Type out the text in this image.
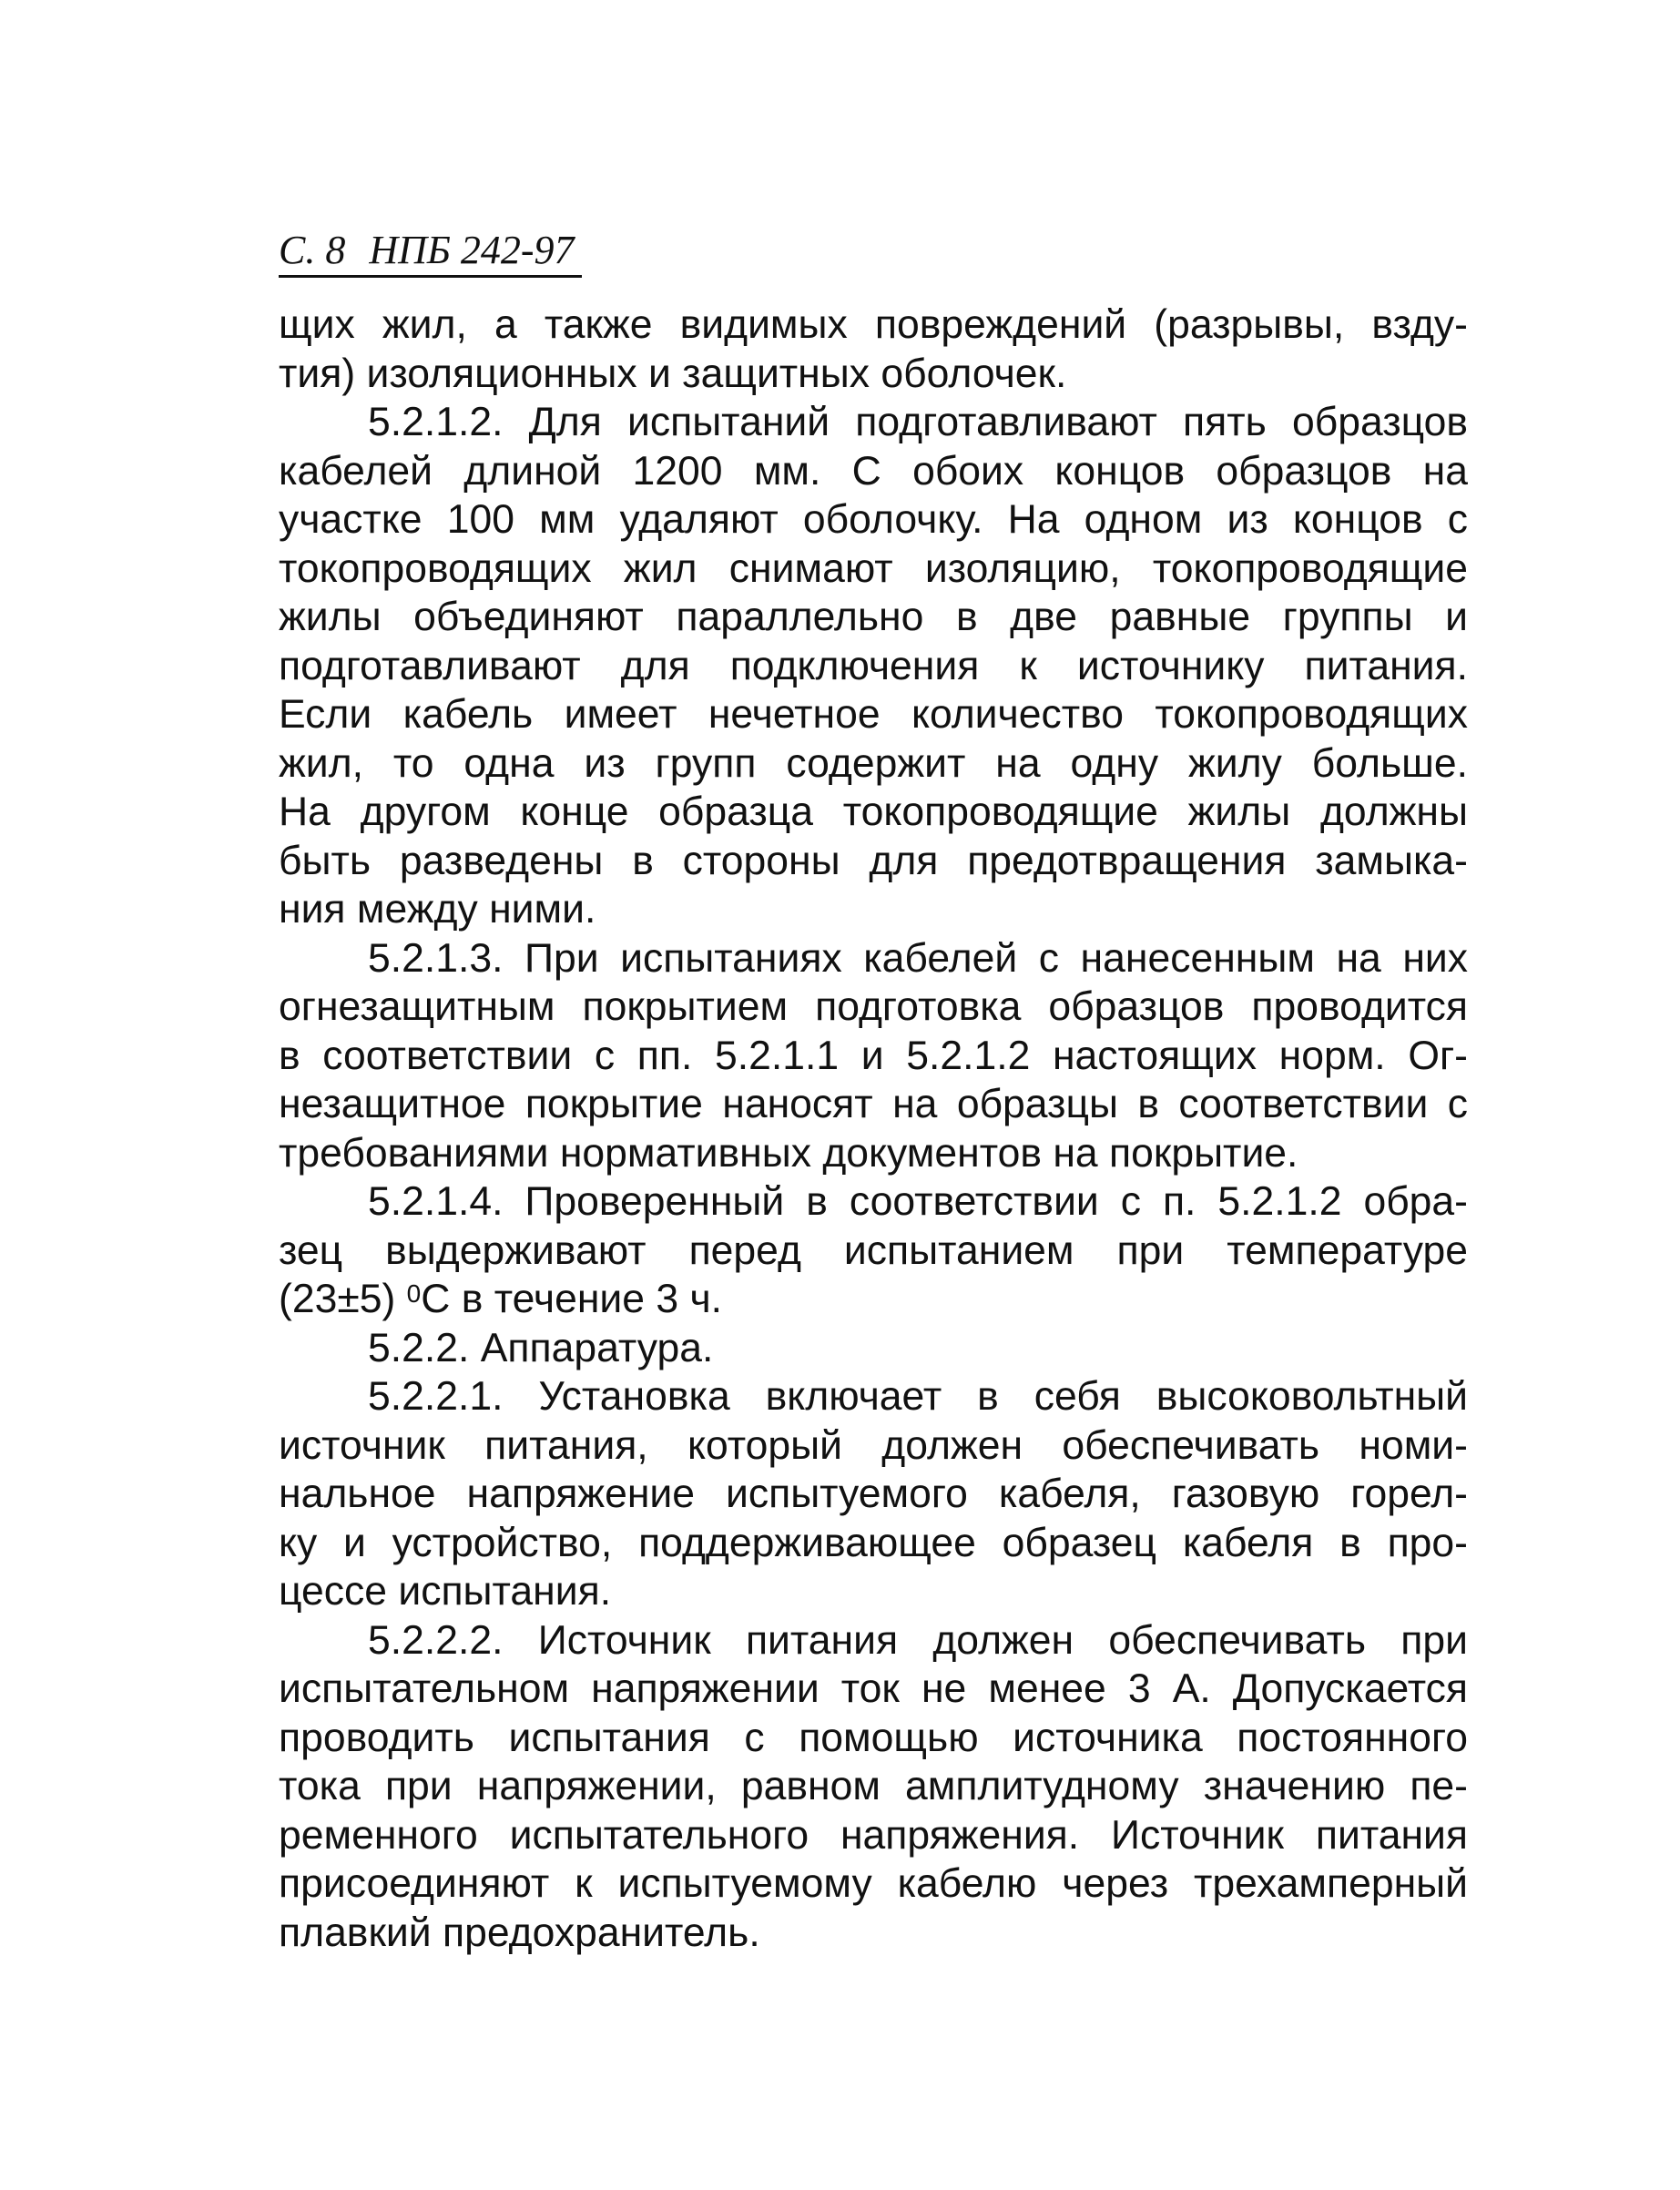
С. 8 НПБ 242-97
щих жил, а также видимых повреждений (разрывы, взду-
тия) изоляционных и защитных оболочек.
5.2.1.2. Для испытаний подготавливают пять образцов
кабелей длиной 1200 мм. С обоих концов образцов на
участке 100 мм удаляют оболочку. На одном из концов с
токопроводящих жил снимают изоляцию, токопроводящие
жилы объединяют параллельно в две равные группы и
подготавливают для подключения к источнику питания.
Если кабель имеет нечетное количество токопроводящих
жил, то одна из групп содержит на одну жилу больше.
На другом конце образца токопроводящие жилы должны
быть разведены в стороны для предотвращения замыка-
ния между ними.
5.2.1.3. При испытаниях кабелей с нанесенным на них
огнезащитным покрытием подготовка образцов проводится
в соответствии с пп. 5.2.1.1 и 5.2.1.2 настоящих норм. Ог-
незащитное покрытие наносят на образцы в соответствии с
требованиями нормативных документов на покрытие.
5.2.1.4. Проверенный в соответствии с п. 5.2.1.2 обра-
зец выдерживают перед испытанием при температуре
(23±5) $^0$С в течение 3 ч.
5.2.2. Аппаратура.
5.2.2.1. Установка включает в себя высоковольтный
источник питания, который должен обеспечивать номи-
нальное напряжение испытуемого кабеля, газовую горел-
ку и устройство, поддерживающее образец кабеля в про-
цессе испытания.
5.2.2.2. Источник питания должен обеспечивать при
испытательном напряжении ток не менее 3 А. Допускается
проводить испытания с помощью источника постоянного
тока при напряжении, равном амплитудному значению пе-
ременного испытательного напряжения. Источник питания
присоединяют к испытуемому кабелю через трехамперный
плавкий предохранитель.
